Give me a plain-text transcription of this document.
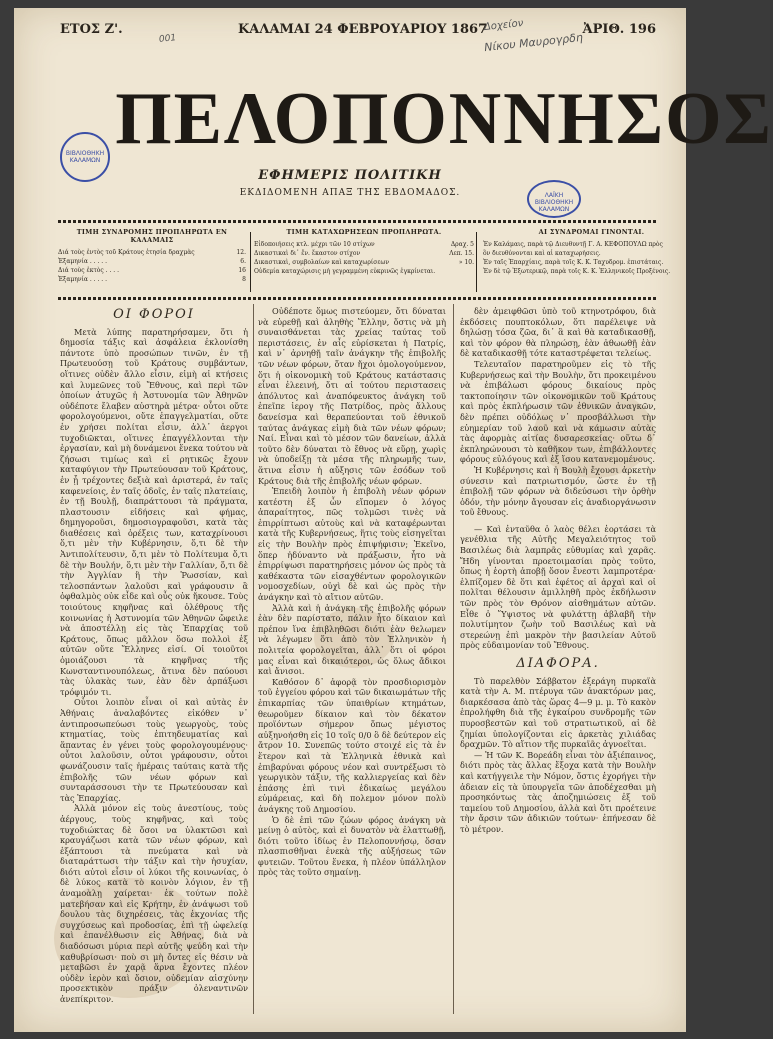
ΕΤΟΣ Ζ'.	ΚΑΛΑΜΑΙ 24 ΦΕΒΡΟΥΑΡΙΟΥ 1867	ἈΡΙΘ. 196
Δοχείον
Νίκου Μαυρογρδη
001
ΠΕΛΟΠΟΝΝΗΣΟΣ
ΕΦΗΜΕΡΙΣ ΠΟΛΙΤΙΚΗ
ΕΚΔΙΔΟΜΕΝΗ ΑΠΑΞ ΤΗΣ ΕΒΔΟΜΑΔΟΣ.
ΒΙΒΛΙΟΘΗΚΗ ΚΑΛΑΜΩΝ
ΛΑΪΚΗ ΒΙΒΛΙΟΘΗΚΗ ΚΑΛΑΜΩΝ
ΤΙΜΗ ΣΥΝΔΡΟΜΗΣ ΠΡΟΠΛΗΡΩΤΑ ΕΝ ΚΑΛΑΜΑΙΣ
Διά τοὺς ἐντὸς τοῦ Κράτους ἐτησία δραχμὰς	12.
Ἑξαμηνία . . . . .	6.
Διά τοὺς ἐκτὸς . . . .	16
Ἑξαμηνία . . . . .	8
ΤΙΜΗ ΚΑΤΑΧΩΡΗΣΕΩΝ ΠΡΟΠΛΗΡΩΤΑ.
Εἰδοποιήσεις κτλ. μέχρι τῶν 10 στίχων	Δραχ. 5
Δικαστικαὶ δι᾽ ἕν. ἔκαστον στίχον	Λεπ. 15.
Δικαστικαὶ, συμβολαίων καὶ καταχωρίσεων	» 10.
Οὐδεμία καταχώρισις μὴ γεγραμμένη εὐκρινῶς ἐγκρίνεται.
ΑΙ ΣΥΝΔΡΟΜΑΙ ΓΙΝΟΝΤΑΙ.
Ἐν Καλάμαις, παρὰ τῷ Διευθυντῇ Γ. Α. ΚΕΦΟΠΟΥΛΩ πρὸς
ὃν διευθύνονται καὶ αἱ καταχωρήσεις.
Ἐν ταῖς Ἐπαρχίαις, παρὰ τοῖς Κ. Κ. Ταχυδρομ. ἐπιστάταις.
Ἐν δὲ τῷ Ἐξωτερικῷ, παρὰ τοῖς Κ. Κ. Ἑλληνικοῖς Προξένοις.
ΟΙ ΦΟΡΟΙ

Μετὰ λύπης παρατηρήσαμεν, ὅτι ἡ δημοσία τάξις καὶ ἀσφάλεια ἐκλονίσθη πάντοτε ὑπὸ προσώπων τινῶν, ἐν τῇ Πρωτευούσῃ τοῦ Κράτους συμβάντων, οἵτινες οὐδὲν ἄλλο εἶσιν, εἰμὴ αἱ κτήσεις καὶ λυμεῶνες τοῦ Ἔθνους, καὶ περὶ τῶν ὁποίων ἀτυχῶς ἡ Ἀστυνομία τῶν Ἀθηνῶν οὐδέποτε ἔλαβεν αὐστηρὰ μέτρα· οὗτοι οὔτε φορολογούμενοι, οὔτε ἐπαγγελματίαι, οὔτε ἐν χρήσει πολίται εἶσιν, ἀλλ᾽ ἀεργοι τυχοδιῶκται, οἵτινες ἐπαγγέλλονται τὴν ἐργασίαν, καὶ μὴ δυνάμενοι ἕνεκα τούτου νὰ ζήσωσι τιμίως καὶ εἰ ρητικῶς ἔχουν καταφύγιον τὴν Πρωτεύουσαν τοῦ Κράτους, ἐν ᾗ τρέχοντες δεξιὰ καὶ ἀριστερά, ἐν ταῖς καφενείοις, ἐν ταῖς ὁδοῖς, ἐν ταῖς πλατείαις, ἐν τῇ Βουλῇ, διαπράττουσι τὰ πράγματα, πλαστουσιν εἰδήσεις καὶ φήμας, δημηγοροῦσι, δημοσιογραφοῦσι, κατὰ τὰς διαθέσεις καὶ ὀρέξεις των, καταχρίνουσι ὅ,τι μὲν τὴν Κυβέρνησιν, ὅ,τι δὲ τὴν Ἀντιπολίτευσιν, ὅ,τι μὲν τὸ Πολίτευμα ὅ,τι δὲ τὴν Βουλήν, ὅ,τι μὲν τὴν Γαλλίαν, ὅ,τι δὲ τὴν Ἀγγλίαν ἢ τὴν Ῥωσσίαν, καὶ τελοσπάντων λαλοῦσι καὶ γράφουσιν ἃ ὀφθαλμὸς οὐκ εἶδε καὶ οὖς οὐκ ἤκουσε. Τοὺς τοιούτους κηφῆνας καὶ ὀλέθρους τῆς κοινωνίας ἡ Ἀστυνομία τῶν Ἀθηνῶν ὤφειλε νὰ ἀποστέλλῃ εἰς τὰς Ἐπαρχίας τοῦ Κράτους, ὅπως μᾶλλον ὅσω πολλοὶ ἐξ αὐτῶν οὔτε Ἕλληνες εἰσί. Οἱ τοιοῦτοι ὁμοιάζουσι τὰ κηφῆνας τῆς Κωνσταντινουπόλεως, ἅτινα δὲν παύουσι τὰς ὑλακὰς των, ἐὰν δὲν ἀρπάξωσι τρόφιμόν τι.

Οὗτοι λοιπὸν εἶναι οἱ καὶ αὐτὰς ἐν Ἀθήναις ἀναλαβόντες εἰκόθεν ν᾽ ἀντιπροσωπεύωσι τοὺς γεωργοὺς, τοὺς κτηματίας, τοὺς ἐπιτηδευματίας καὶ ἅπαντας ἐν γένει τοὺς φορολογουμένους· οὗτοι λαλοῦσιν, οὗτοι γράφουσιν, οὗτοι φωνάζουσιν ταῖς ἡμέραις ταύταις κατὰ τῆς ἐπιβολῆς τῶν νέων φόρων καὶ συνταράσσουσι τὴν τε Πρωτεύουσαν καὶ τὰς Ἐπαρχίας.

Ἀλλὰ μόνον εἰς τοὺς ἀνεστίους, τοὺς ἀέργους, τοὺς κηφῆνας, καὶ τοὺς τυχοδιώκτας δὲ ὅσοι να ὑλακτῶσι καὶ κραυγάζωσι κατὰ τῶν νέων φόρων, καὶ ἐξάπτουσι τὰ πνεύματα καὶ νὰ διαταράττωσι τὴν τάξιν καὶ τὴν ἡσυχίαν, διότι αὐτοὶ εἶσιν οἱ λύκοι τῆς κοινωνίας, ὁ δὲ λύκος κατὰ τὸ κοινὸν λόγιον, ἐν τῇ ἀναμοὰλῃ χαίρεται· ἐκ τούτων πολὲ ματεβήσαν καὶ εἰς Κρήτην, ἐν ἀνάψωσι τοῦ δουλου τὰς διχηρέσεις, τὰς ἐκχονίας τῆς συγχύσεως καὶ προδοσίας, ἐπὶ τῇ ὠφελείᾳ καὶ ἐπανέλθωσιν εἰς Ἀθήνας, διὰ νὰ διαδόσωσι μύρια περὶ αὐτῆς ψεύδη καὶ τὴν καθυβρίσωσι· ποὺ σι μὴ ὄντες εἰς θέσιν νὰ μεταβῶσι ἐν χαρᾷ ἅρνα ἔχοντες πλέον οὐδὲν ἱερὸν καὶ ὅσιον, οὐδεμίαν αἰσχύνην προσεκτικὸν πράξιν ὀλεναντινῶν ἀνεπίκριτον.

Οὐδέποτε ὅμως πιστεύομεν, ὅτι δύναται νὰ εὑρεθῇ καὶ ἀληθὴς Ἕλλην, ὅστις νὰ μὴ συναισθάνεται τὰς χρείας ταύτας τοῦ περιστάσεις, ἐν αἷς εὑρίσκεται ἡ Πατρίς, καὶ ν᾽ ἀρνηθῇ ταῖν ἀνάγκην τῆς ἐπιβολῆς τῶν νέων φόρων, ὅταν ἤχοι ὁμολογούμενον, ὅτι ἡ οἰκονομικὴ τοῦ Κράτους κατάστασις εἶναι ἐλεεινή, ὅτι αἱ τούτου περιστασεις ἀπόλυτος καὶ ἀναπόφευκτος ἀνάγκη τοῦ ἐπεῖπε ἰερογ τῆς Πατρίδος, πρὸς ἄλλους δανείσμα καὶ θεραπεύονται τοῦ ἐθνικοῦ ταύτας ἀνάγκας εἰμὴ διὰ τῶν νέων φόρων; Ναί. Εἶναι καὶ τὸ μέσον τῶν δανείων, ἀλλὰ τοῦτο δὲν δύναται τὸ ἔθνος νὰ εὕρῃ, χωρὶς νὰ ὑποδείξῃ τὰ μέσα τῆς πληρωμῆς των, ἅτινα εἶσιν ἡ αὔξησις τῶν ἐσόδων τοῦ Κράτους διὰ τῆς ἐπιβολῆς νέων φόρων.

Ἐπειδὴ λοιπὸν ἡ ἐπιβολὴ νέων φόρων κατέστη ἐξ ὧν εἴπομεν ὁ λόγος ἀπαραίτητος, πῶς τολμῶσι τινὲς νὰ ἐπιρρίπτωσι αὐτοὺς καὶ νὰ καταφέρωνται κατὰ τῆς Κυβερνήσεως, ἥτις τοὺς εἰσηγεῖται εἰς τὴν Βουλὴν πρὸς ἐπιψήφισιν; Ἐκεῖνο, ὅπερ ἠδύναντο νὰ πράξωσιν, ἦτο νὰ ἐπιρρίψωσι παρατηρήσεις μόνον ὡς πρὸς τὰ καθέκαστα τῶν εἰσαχθέντων φορολογικῶν νομοσχεδίων, οὐχὶ δὲ καὶ ὡς πρὸς τὴν ἀνάγκην καὶ τὸ αἴτιον αὐτῶν.

Ἀλλὰ καὶ ἡ ἀνάγκη τῆς ἐπιβολῆς φόρων ἐὰν δὲν παρίστατο, πάλιν ἦτο δίκαιον καὶ πρέπον ἵνα ἐπιβληθῶσι διότι ἐὰν θελωμεν νὰ λέγωμεν ὅτι ἀπὸ τὸν Ἑλληνικὸν ἡ πολιτεία φορολογεῖται, ἀλλ᾽ ὅτι οἱ φόροι μας εἶναι καὶ δικαιότεροι, ὡς ὅλως ἄδικοι καὶ ἄνισοι.

Καθόσον δ᾽ ἀφορᾷ τὸν προσδιορισμὸν τοῦ ἐγγείου φόρου καὶ τῶν δικαιωμάτων τῆς ἐπικαρπίας τῶν ὑπαιθρίων κτημάτων, θεωροῦμεν δίκαιον καὶ τὸν δέκατον προϊόντων σήμερον ὅπως μέγιστος αὐξηνοήσθη εἰς 10 τοῖς 0/0 ὃ δὲ δεύτερον εἰς ἄτρον 10. Συνεπῶς τούτο στοιχέ εἰς τὰ ἐν ἕτερον καὶ τὰ Ἐλληνικὰ ἐθνικὰ καὶ ἐπιβαρύναι φόρους νέον καὶ συντρέξωσι τὸ γεωργικὸν τάξιν, τῆς καλλιεργείας καὶ δὲν ἐπάσης ἐπὶ τινὶ ἐδικαίως μεγάλου εὐμάρειας, καὶ δὴ πολεμον μόνον πολὺ ἀνάγκης τοῦ Δημοσίου.

Ὁ δὲ ἐπὶ τῶν ζώων φόρος ἀνάγκη νὰ μείνῃ ὁ αὐτὸς, καὶ εἰ δυνατὸν νὰ ἐλαττωθῇ, διότι τοῦτο ἰδίως ἐν Πελοποννήσῳ, ὅσαν πλασπισθῆναι ἐνεκὰ τῆς αὐξήσεως τῶν φυτειῶν. Τοῦτου ἕνεκα, ἡ πλέον ὑπάλληλον πρὸς τὰς τοῦτο σημαίνῃ.

δὲν ἀμειφθῶσι ὑπὸ τοῦ κτηνοτρόφου, διὰ ἐκδόσεις πουπτοκόλων, ὅτι παρέλειψε νὰ δηλώσῃ τόσα ζῶα, δι᾽ ἃ καὶ θὰ καταδικασθῇ, καὶ τὸν φόρον θὰ πληρώσῃ, ἐὰν ἀθωωθῇ ἐὰν δὲ καταδικασθῇ τότε καταστρέφεται τελείως.

Τελευταῖον παρατηροῦμεν εἰς τὸ τῆς Κυβερνήσεως καὶ τὴν Βουλὴν, ὅτι προκειμένου νὰ ἐπιβάλωσι φόρους δικαίους πρὸς τακτοποίησιν τῶν οἰκονομικῶν τοῦ Κράτους καὶ πρὸς ἐκπλήρωσιν τῶν ἐθνικῶν ἀναγκῶν, δὲν πρέπει οὐδόλως ν᾽ προσβάλλωσι τὴν εὐημερίαν τοῦ λαοῦ καὶ νὰ κάμωσιν αὐτὰς τὰς ἀφορμὰς αἰτίας δυσαρεσκείας· οὕτω δ᾽ ἐκπληρώνουσι τὸ καθῆκον των, ἐπιβάλλοντες φόρους εὐλόγους καὶ ἐξ ἴσου κατανεμομένους.

Ἡ Κυβέρνησις καὶ ἡ Βουλὴ ἔχουσι ἀρκετὴν σύνεσιν καὶ πατριωτισμόν, ὥστε ἐν τῇ ἐπιβολῇ τῶν φόρων νὰ διδεύσωσι τὴν ὀρθὴν ὁδόν, τὴν μόνην ἄγουσαν εἰς ἀναδιοργάνωσιν τοῦ ἔθνους.

— Καὶ ἐνταῦθα ὁ λαὸς θέλει ἑορτάσει τὰ γενέθλια τῆς Αὐτῆς Μεγαλειότητος τοῦ Βασιλέως διὰ λαμπρᾶς εὐθυμίας καὶ χαρᾶς. Ἤδη γίνονται προετοιμασίαι πρὸς τοῦτο, ὅπως ἡ ἑορτὴ ἀποβῇ ὅσον ἔνεστι λαμπροτέρα· ἐλπίζομεν δὲ ὅτι καὶ ἐφέτος αἱ ἀρχαὶ καὶ οἱ πολῖται θέλουσιν ἁμιλληθῆ πρὸς ἐκδήλωσιν τῶν πρὸς τὸν Θρόνον αἰσθημάτων αὐτῶν. Εἶθε ὁ Ὕψιστος νὰ φυλάττῃ ἀβλαβῆ τὴν πολυτίμητον ζωὴν τοῦ Βασιλέως καὶ νὰ στερεώνῃ ἐπὶ μακρὸν τὴν βασιλείαν Αὐτοῦ πρὸς εὐδαιμονίαν τοῦ Ἔθνους.

ΔΙΑΦΟΡΑ.

Τὸ παρελθὸν Σάββατον ἐξεράγη πυρκαϊὰ κατὰ τὴν Α. Μ. πτέρυγα τῶν ἀνακτόρων μας, διαρκέσασα ἀπὸ τὰς ὥρας 4—9 μ. μ. Τὸ κακὸν ἐπρολήφθη διὰ τῆς ἐγκαίρου συνδρομῆς τῶν πυροσβεστῶν καὶ τοῦ στρατιωτικοῦ, αἱ δὲ ζημίαι ὑπολογίζονται εἰς ἀρκετὰς χιλιάδας δραχμῶν. Τὸ αἴτιον τῆς πυρκαϊᾶς ἀγνοεῖται.

— Ἡ τῶν Κ. Βορεάδη εἶναι τὸν ἀξιέπαινος, διότι πρὸς τὰς ἄλλας ἔξοχα κατὰ τὴν Βουλὴν καὶ κατήγγειλε τὴν Νόμον, ὅστις ἐχορήγει τὴν ἀδειαν εἰς τὰ ὑπουργεῖα τῶν ἀποδέχεσθαι μὴ προσηκόντως τὰς ἀποζημιώσεις ἐξ τοῦ ταμείου τοῦ Δημοσίου, ἀλλὰ καὶ ὅτι προέτεινε τὴν ἄρσιν τῶν ἀδικιῶν τούτων· ἐπήνεσαν δὲ τὸ μέτρον.
